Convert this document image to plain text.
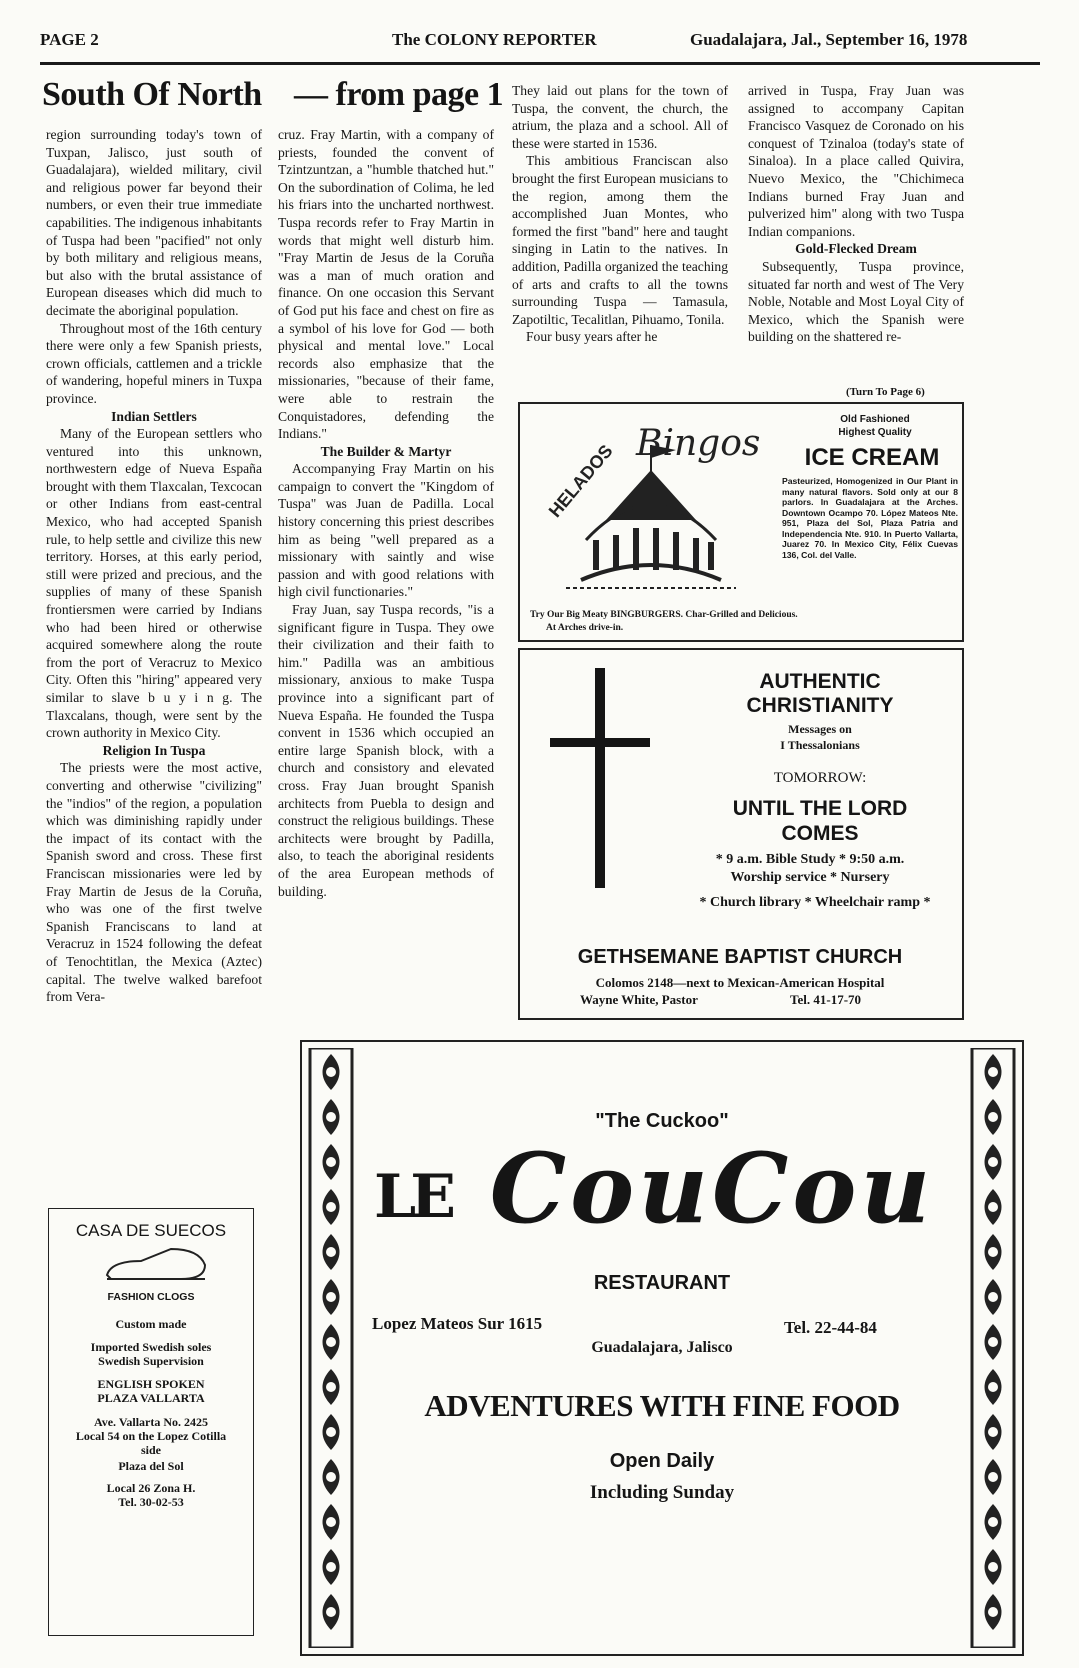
PAGE 2	The COLONY REPORTER	Guadalajara, Jal., September 16, 1978
South Of North — from page 1

region surrounding today's town of Tuxpan, Jalisco, just south of Guadalajara), wielded military, civil and religious power far beyond their numbers, or even their true immediate capabilities. The indigenous inhabitants of Tuspa had been "pacified" not only by both military and religious means, but also with the brutal assistance of European diseases which did much to decimate the aboriginal population.

Throughout most of the 16th century there were only a few Spanish priests, crown officials, cattlemen and a trickle of wandering, hopeful miners in Tuxpa province.

Indian Settlers

Many of the European settlers who ventured into this unknown, northwestern edge of Nueva España brought with them Tlaxcalan, Texcocan or other Indians from east-central Mexico, who had accepted Spanish rule, to help settle and civilize this new territory. Horses, at this early period, still were prized and precious, and the supplies of many of these Spanish frontiersmen were carried by Indians who had been hired or otherwise acquired somewhere along the route from the port of Veracruz to Mexico City. Often this "hiring" appeared very similar to slave b u y i n g. The Tlaxcalans, though, were sent by the crown authority in Mexico City.

Religion In Tuspa

The priests were the most active, converting and otherwise "civilizing" the "indios" of the region, a population which was diminishing rapidly under the impact of its contact with the Spanish sword and cross. These first Franciscan missionaries were led by Fray Martin de Jesus de la Coruña, who was one of the first twelve Spanish Franciscans to land at Veracruz in 1524 following the defeat of Tenochtitlan, the Mexica (Aztec) capital. The twelve walked barefoot from Vera-

cruz. Fray Martin, with a company of priests, founded the convent of Tzintzuntzan, a "humble thatched hut." On the subordination of Colima, he led his friars into the uncharted northwest. Tuspa records refer to Fray Martin in words that might well disturb him. "Fray Martin de Jesus de la Coruña was a man of much oration and finance. On one occasion this Servant of God put his face and chest on fire as a symbol of his love for God — both physical and mental love." Local records also emphasize that the missionaries, "because of their fame, were able to restrain the Conquistadores, defending the Indians."

The Builder & Martyr

Accompanying Fray Martin on his campaign to convert the "Kingdom of Tuspa" was Juan de Padilla. Local history concerning this priest describes him as being "well prepared as a missionary with saintly and wise passion and with good relations with high civil functionaries."

Fray Juan, say Tuspa records, "is a significant figure in Tuspa. They owe their civilization and their faith to him." Padilla was an ambitious missionary, anxious to make Tuspa province into a significant part of Nueva España. He founded the Tuspa convent in 1536 which occupied an entire large Spanish block, with a church and consistory and elevated cross. Fray Juan brought Spanish architects from Puebla to design and construct the religious buildings. These architects were brought by Padilla, also, to teach the aboriginal residents of the area European methods of building.

They laid out plans for the town of Tuspa, the convent, the church, the atrium, the plaza and a school. All of these were started in 1536.

This ambitious Franciscan also brought the first European musicians to the region, among them the accomplished Juan Montes, who formed the first "band" here and taught singing in Latin to the natives. In addition, Padilla organized the teaching of arts and crafts to all the towns surrounding Tuspa — Tamasula, Zapotiltic, Tecalitlan, Pihuamo, Tonila.

Four busy years after he

arrived in Tuspa, Fray Juan was assigned to accompany Capitan Francisco Vasquez de Coronado on his conquest of Tzinaloa (today's state of Sinaloa). In a place called Quivira, Nuevo Mexico, the "Chichimeca Indians burned Fray Juan and pulverized him" along with two Tuspa Indian companions.

Gold-Flecked Dream

Subsequently, Tuspa province, situated far north and west of The Very Noble, Notable and Most Loyal City of Mexico, which the Spanish were building on the shattered re-

(Turn To Page 6)
HELADOS Bingos
Old Fashioned
Highest Quality
ICE CREAM
Pasteurized, Homogenized in Our Plant in many natural flavors. Sold only at our 8 parlors. In Guadalajara at the Arches. Downtown Ocampo 70. López Mateos Nte. 951, Plaza del Sol, Plaza Patria and Independencia Nte. 910. In Puerto Vallarta, Juarez 70. In Mexico City, Félix Cuevas 136, Col. del Valle.
Try Our Big Meaty BINGBURGERS. Char-Grilled and Delicious.
At Arches drive-in.
AUTHENTIC CHRISTIANITY
Messages on
I Thessalonians
TOMORROW:
UNTIL THE LORD COMES
* 9 a.m. Bible Study * 9:50 a.m.
Worship service * Nursery
* Church library * Wheelchair ramp *
GETHSEMANE BAPTIST CHURCH
Colomos 2148—next to Mexican-American Hospital
Wayne White, Pastor	Tel. 41-17-70
CASA DE SUECOS
FASHION CLOGS
Custom made
Imported Swedish soles
Swedish Supervision
ENGLISH SPOKEN
PLAZA VALLARTA
Ave. Vallarta No. 2425
Local 54 on the Lopez Cotilla side
Plaza del Sol
Local 26 Zona H.
Tel. 30-02-53
"The Cuckoo"
LE CouCou
RESTAURANT
Lopez Mateos Sur 1615	Tel. 22-44-84
Guadalajara, Jalisco
ADVENTURES WITH FINE FOOD
Open Daily
Including Sunday
